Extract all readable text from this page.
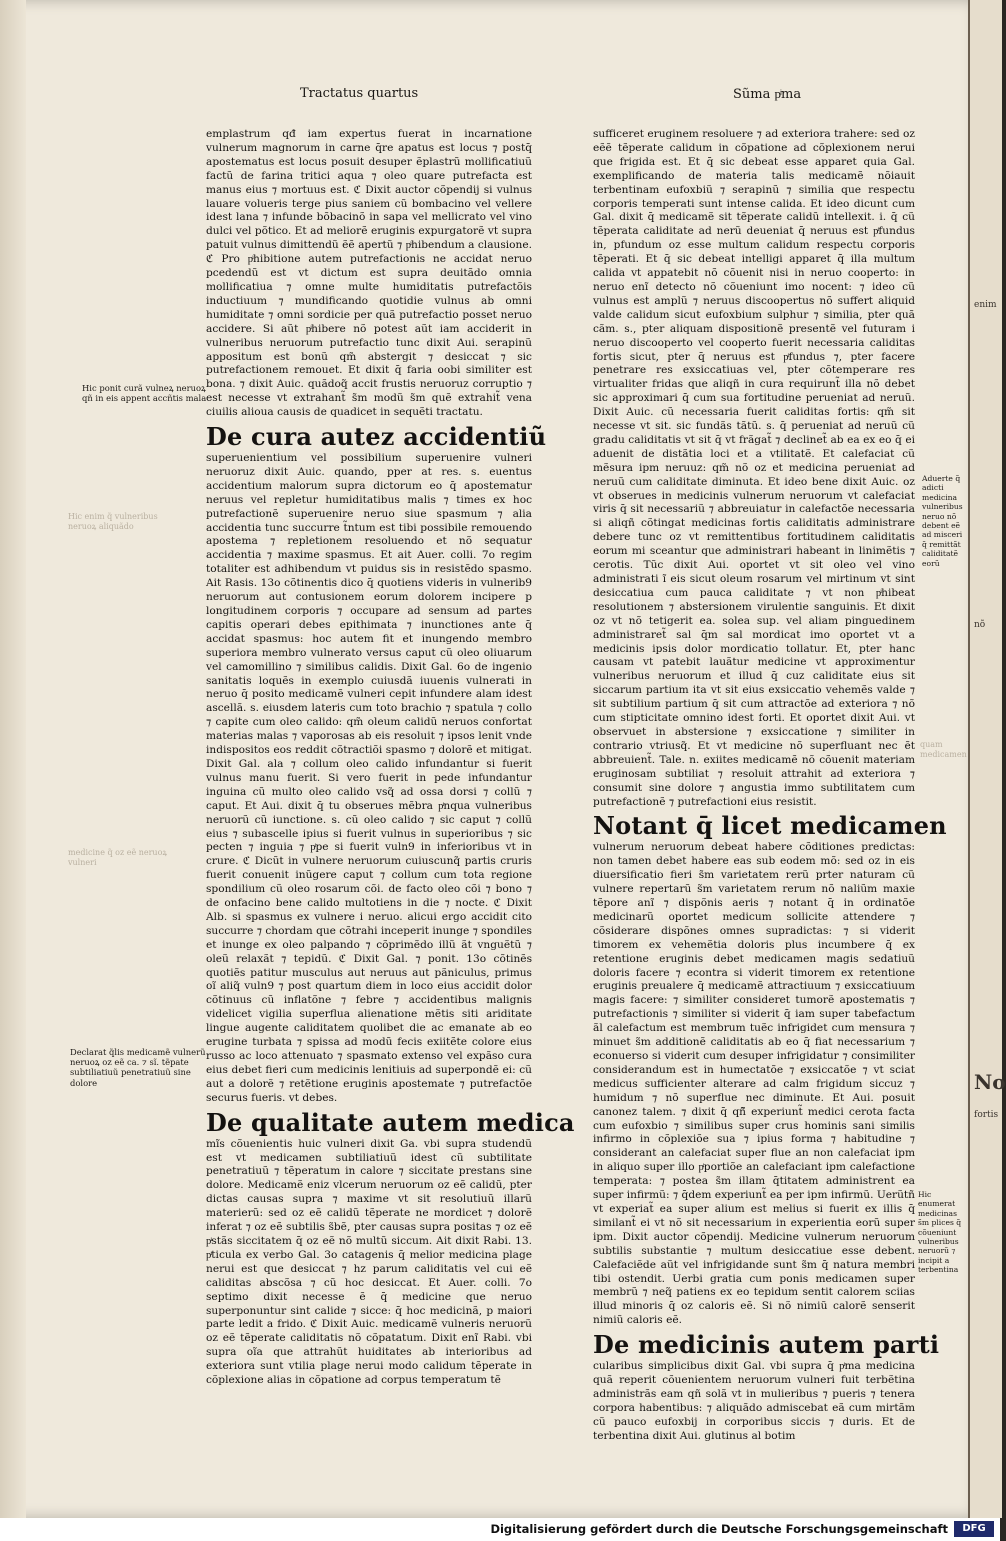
Tractatus quartus	Sũma pͥma

emplastrum qđ iam expertus fuerat in incarnatione vulnerum magnorum in carne q̄re apatus est locus ⁊ postq̄ apostematus est locus posuit desuper ẽplastrũ mollificatiuũ factũ de farina tritici aqua ⁊ oleo quare putrefacta est manus eius ⁊ mortuus est. ℭ Dixit auctor cõpendij si vulnus lauare volueris terge pius saniem cũ bombacino vel vellere idest lana ⁊ infunde bõbacinõ in sapa vel mellicrato vel vino dulci vel põtico. Et ad meliorẽ eruginis expurgatorẽ vt supra patuit vulnus dimittendũ ẽẽ apertũ ⁊ pͥhibendum a clausione. ℭ Pro pͥhibitione autem putrefactionis ne accidat neruo pcedendũ est vt dictum est supra deuitãdo omnia mollificatiua ⁊ omne multe humiditatis putrefactõis inductiuum ⁊ mundificando quotidie vulnus ab omni humiditate ⁊ omni sordicie per quã putrefactio posset neruo accidere. Si aũt pͥhibere nõ potest aũt iam acciderit in vulneribus neruorum putrefactio tunc dixit Aui. serapinũ appositum est bonũ qm̃ abstergit ⁊ desiccat ⁊ sic putrefactionem remouet. Et dixit q̄ faria oobi similiter est bona. ⁊ dixit Auic. quãdoq̃ accit frustis neruoruz corruptio ⁊ est necesse vt extrahant̃ s̃m modũ s̃m quẽ extrahit̃ vena ciuilis alioua causis de quadicet in sequẽti tractatu.

De cura autez accidentiũ

superuenientium vel possibilium superuenire vulneri neruoruz dixit Auic. quando, pper at res. s. euentus accidentium malorum supra dictorum eo q̄ apostematur neruus vel repletur humiditatibus malis ⁊ times ex hoc putrefactionẽ superuenire neruo siue spasmum ⁊ alia accidentia tunc succurre t̃ntum est tibi possibile remouendo apostema ⁊ repletionem resoluendo et nõ sequatur accidentia ⁊ maxime spasmus. Et ait Auer. colli. 7o regim totaliter est adhibendum vt puidus sis in resistẽdo spasmo. Ait Rasis. 13o cõtinentis dico q̄ quotiens videris in vulnerib9 neruorum aut contusionem eorum dolorem incipere p longitudinem corporis ⁊ occupare ad sensum ad partes capitis operari debes epithimata ⁊ inunctiones ante q̄ accidat spasmus: hoc autem fit et inungendo membro superiora membro vulnerato versus caput cũ oleo oliuarum vel camomillino ⁊ similibus calidis. Dixit Gal. 6o de ingenio sanitatis loquẽs in exemplo cuiusdã iuuenis vulnerati in neruo q̄ posito medicamẽ vulneri cepit infundere alam idest ascellã. s. eiusdem lateris cum toto brachio ⁊ spatula ⁊ collo ⁊ capite cum oleo calido: qm̃ oleum calidũ neruos confortat materias malas ⁊ vaporosas ab eis resoluit ⁊ ipsos lenit vnde indispositos eos reddit cõtractiõi spasmo ⁊ dolorẽ et mitigat. Dixit Gal. ala ⁊ collum oleo calido infundantur si fuerit vulnus manu fuerit. Si vero fuerit in pede infundantur inguina cũ multo oleo calido vsq̃ ad ossa dorsi ⁊ collũ ⁊ caput. Et Aui. dixit q̄ tu obserues mẽbra pͥnqua vulneribus neruorũ cũ iunctione. s. cũ oleo calido ⁊ sic caput ⁊ collũ eius ⁊ subascelle ipius si fuerit vulnus in superioribus ⁊ sic pecten ⁊ inguia ⁊ pͥpe si fuerit vuln9 in inferioribus vt in crure. ℭ Dicũt in vulnere neruorum cuiuscunq̃ partis cruris fuerit conuenit inũgere caput ⁊ collum cum tota regione spondilium cũ oleo rosarum cõi. de facto oleo cõi ⁊ bono ⁊ de onfacino bene calido multotiens in die ⁊ nocte. ℭ Dixit Alb. si spasmus ex vulnere i neruo. alicui ergo accidit cito succurre ⁊ chordam que cõtrahi inceperit inunge ⁊ spondiles et inunge ex oleo palpando ⁊ cõprimẽdo illũ ãt vnguẽtũ ⁊ oleũ relaxãt ⁊ tepidũ. ℭ Dixit Gal. ⁊ ponit. 13o cõtinẽs quotiẽs patitur musculus aut neruus aut pãniculus, primus oĩ aliq̃ vuln9 ⁊ post quartum diem in loco eius accidit dolor cõtinuus cũ inflatõne ⁊ febre ⁊ accidentibus malignis videlicet vigilia superflua alienatione mẽtis siti ariditate lingue augente caliditatem quolibet die ac emanate ab eo erugine turbata ⁊ spissa ad modũ fecis exiitẽte colore eius russo ac loco attenuato ⁊ spasmato extenso vel expãso cura eius debet fieri cum medicinis lenitiuis ad superpondẽ ei: cũ aut a dolorẽ ⁊ retẽtione eruginis apostemate ⁊ putrefactõe securus fueris. vt debes.

De qualitate autem medica

mĩs cõuenientis huic vulneri dixit Ga. vbi supra studendũ est vt medicamen subtiliatiuũ idest cũ subtilitate penetratiuũ ⁊ tẽperatum in calore ⁊ siccitate prestans sine dolore. Medicamẽ eniz vlcerum neruorum oz eẽ calidũ, pter dictas causas supra ⁊ maxime vt sit resolutiuũ illarũ materierũ: sed oz eẽ calidũ tẽperate ne mordicet ⁊ dolorẽ inferat ⁊ oz eẽ subtilis s̃bẽ, pter causas supra positas ⁊ oz eẽ pͥstãs siccitatem q̄ oz eẽ nõ multũ siccum. Ait dixit Rabi. 13. pͥticula ex verbo Gal. 3o catagenis q̄ melior medicina plage nerui est que desiccat ⁊ hz parum caliditatis vel cui eẽ caliditas abscõsa ⁊ cũ hoc desiccat. Et Auer. colli. 7o septimo dixit necesse ẽ q̄ medicine que neruo superponuntur sint calide ⁊ sicce: q̄ hoc medicinã, p maiori parte ledit a frido. ℭ Dixit Auic. medicamẽ vulneris neruorũ oz eẽ tẽperate caliditatis nõ cõpatatum. Dixit enĩ Rabi. vbi supra oĩa que attrahũt huiditates ab interioribus ad exteriora sunt vtilia plage nerui modo calidum tẽperate in cõplexione alias in cõpatione ad corpus temperatum tẽ

sufficeret eruginem resoluere ⁊ ad exteriora trahere: sed oz eẽẽ tẽperate calidum in cõpatione ad cõplexionem nerui que frigida est. Et q̄ sic debeat esse apparet quia Gal. exemplificando de materia talis medicamẽ nõiauit terbentinam eufoxbiũ ⁊ serapinũ ⁊ similia que respectu corporis temperati sunt intense calida. Et ideo dicunt cum Gal. dixit q̄ medicamẽ sit tẽperate calidũ intellexit. i. q̄ cũ tẽperata caliditate ad nerũ deueniat q̄ neruus est pͥfundus in, pfundum oz esse multum calidum respectu corporis tẽperati. Et q̄ sic debeat intelligi apparet q̄ illa multum calida vt appatebit nõ cõuenit nisi in neruo cooperto: in neruo enĩ detecto nõ cõueniunt imo nocent: ⁊ ideo cũ vulnus est amplũ ⁊ neruus discoopertus nõ suffert aliquid valde calidum sicut eufoxbium sulphur ⁊ similia, pter quã cãm. s., pter aliquam dispositionẽ presentẽ vel futuram i neruo discooperto vel cooperto fuerit necessaria caliditas fortis sicut, pter q̄ neruus est pͥfundus ⁊, pter facere penetrare res exsiccatiuas vel, pter cõtemperare res virtualiter fridas que aliqñ in cura requirunt̃ illa nõ debet sic approximari q̄ cum sua fortitudine perueniat ad neruũ. Dixit Auic. cũ necessaria fuerit caliditas fortis: qm̃ sit necesse vt sit. sic fundãs tãtũ. s. q̄ perueniat ad neruũ cũ gradu caliditatis vt sit q̄ vt frãgat̃ ⁊ declinet̃ ab ea ex eo q̄ ei aduenit de distãtia loci et a vtilitatẽ. Et calefaciat cũ mẽsura ipm neruuz: qm̃ nõ oz et medicina perueniat ad neruũ cum caliditate diminuta. Et ideo bene dixit Auic. oz vt obserues in medicinis vulnerum neruorum vt calefaciat viris q̄ sit necessariũ ⁊ abbreuiatur in calefactõe necessaria si aliqñ cõtingat medicinas fortis caliditatis administrare debere tunc oz vt remittentibus fortitudinem caliditatis eorum mi sceantur que administrari habeant in linimẽtis ⁊ cerotis. Tũc dixit Aui. oportet vt sit oleo vel vino administrati ĩ eis sicut oleum rosarum vel mirtinum vt sint desiccatiua cum pauca caliditate ⁊ vt non pͥhibeat resolutionem ⁊ abstersionem virulentie sanguinis. Et dixit oz vt nõ tetigerit ea. solea sup. vel aliam pinguedinem administraret̃ sal q̄m sal mordicat imo oportet vt a medicinis ipsis dolor mordicatio tollatur. Et, pter hanc causam vt patebit lauãtur medicine vt approximentur vulneribus neruorum et illud q̄ cuz caliditate eius sit siccarum partium ita vt sit eius exsiccatio vehemẽs valde ⁊ sit subtilium partium q̄ sit cum attractõe ad exteriora ⁊ nõ cum stipticitate omnino idest forti. Et oportet dixit Aui. vt observuet in abstersione ⁊ exsiccatione ⁊ similiter in contrario vtriusq̃. Et vt medicine nõ superfluant nec ẽt abbreuient̃. Tale. n. exiites medicamẽ nõ cõuenit materiam eruginosam subtiliat ⁊ resoluit attrahit ad exteriora ⁊ consumit sine dolore ⁊ angustia immo subtilitatem cum putrefactionẽ ⁊ putrefactioni eius resistit.

Notant q̄ licet medicamen

vulnerum neruorum debeat habere cõditiones predictas: non tamen debet habere eas sub eodem mõ: sed oz in eis diuersificatio fieri s̃m varietatem rerũ prter naturam cũ vulnere repertarũ s̃m varietatem rerum nõ naliũm maxie tẽpore anĩ ⁊ dispõnis aeris ⁊ notant q̄ in ordinatõe medicinarũ oportet medicum sollicite attendere ⁊ cõsiderare dispõnes omnes supradictas: ⁊ si viderit timorem ex vehemẽtia doloris plus incumbere q̄ ex retentione eruginis debet medicamen magis sedatiuũ doloris facere ⁊ econtra si viderit timorem ex retentione eruginis preualere q̄ medicamẽ attractiuum ⁊ exsiccatiuum magis facere: ⁊ similiter consideret tumorẽ apostematis ⁊ putrefactionis ⁊ similiter si viderit q̄ iam super tabefactum ãl calefactum est membrum tuẽc infrigidet cum mensura ⁊ minuet s̃m additionẽ caliditatis ab eo q̄ fiat necessarium ⁊ econuerso si viderit cum desuper infrigidatur ⁊ consimiliter considerandum est in humectatõe ⁊ exsiccatõe ⁊ vt sciat medicus sufficienter alterare ad calm frigidum siccuz ⁊ humidum ⁊ nõ superflue nec diminute. Et Aui. posuit canonez talem. ⁊ dixit q̄ qñ̃ experiunt̃ medici cerota facta cum eufoxbio ⁊ similibus super crus hominis sani similis infirmo in cõplexiõe sua ⁊ ipius forma ⁊ habitudine ⁊ considerant an calefaciat super flue an non calefaciat ipm in aliquo super illo pͥportiõe an calefaciant ipm calefactione temperata: ⁊ postea s̃m illam q̄titatem administrent ea super infirmũ: ⁊ q̄dem experiunt̃ ea per ipm infirmũ. Uerũtñ vt experiat̃ ea super alium est melius si fuerit ex illis q̄ similant̃ ei vt nõ sit necessarium in experientia eorũ super ipm. Dixit auctor cõpendij. Medicine vulnerum neruorum subtilis substantie ⁊ multum desiccatiue esse debent. Calefaciẽde aũt vel infrigidande sunt s̃m q̄ natura membri tibi ostendit. Uerbi gratia cum ponis medicamen super membrũ ⁊ neq̃ patiens ex eo tepidum sentit calorem sciias illud minoris q̄ oz caloris eẽ. Si nõ nimiũ calorẽ senserit nimiũ caloris eẽ.

De medicinis autem parti

cularibus simplicibus dixit Gal. vbi supra q̄ pͥma medicina quã reperit cõuenientem neruorum vulneri fuit terbẽtina administrãs eam qñ solã vt in mulieribus ⁊ pueris ⁊ tenera corpora habentibus: ⁊ aliquãdo admiscebat eã cum mirtãm cũ pauco eufoxbij in corporibus siccis ⁊ duris. Et de terbentina dixit Aui. glutinus al botim

Hic ponit curã vulneꝝ neruoꝝ qñ in eis appent accñtis mala
Declarat q̃lis medicamẽ vulnerũ neruoꝝ oz eẽ ca. ⁊ sĩ. tẽpate subtiliatiuũ penetratiuũ sine dolore
Aduerte q̃ adicti medicina vulneribus neruo nõ debent eẽ ad misceri q̃ remittãt caliditatẽ eorũ
Hic enumerat medicinas s̃m plices q̃ cõueniunt vulneribus neruorũ ⁊ incipit a terbentina
Hic enim q̃ vulneribus neruoꝝ aliquãdo
medicine q̃ oz eẽ neruoꝝ vulneri
quam medicamen
enim
nõ
No
fortis
Digitalisierung gefördert durch die Deutsche Forschungsgemeinschaft	DFG
